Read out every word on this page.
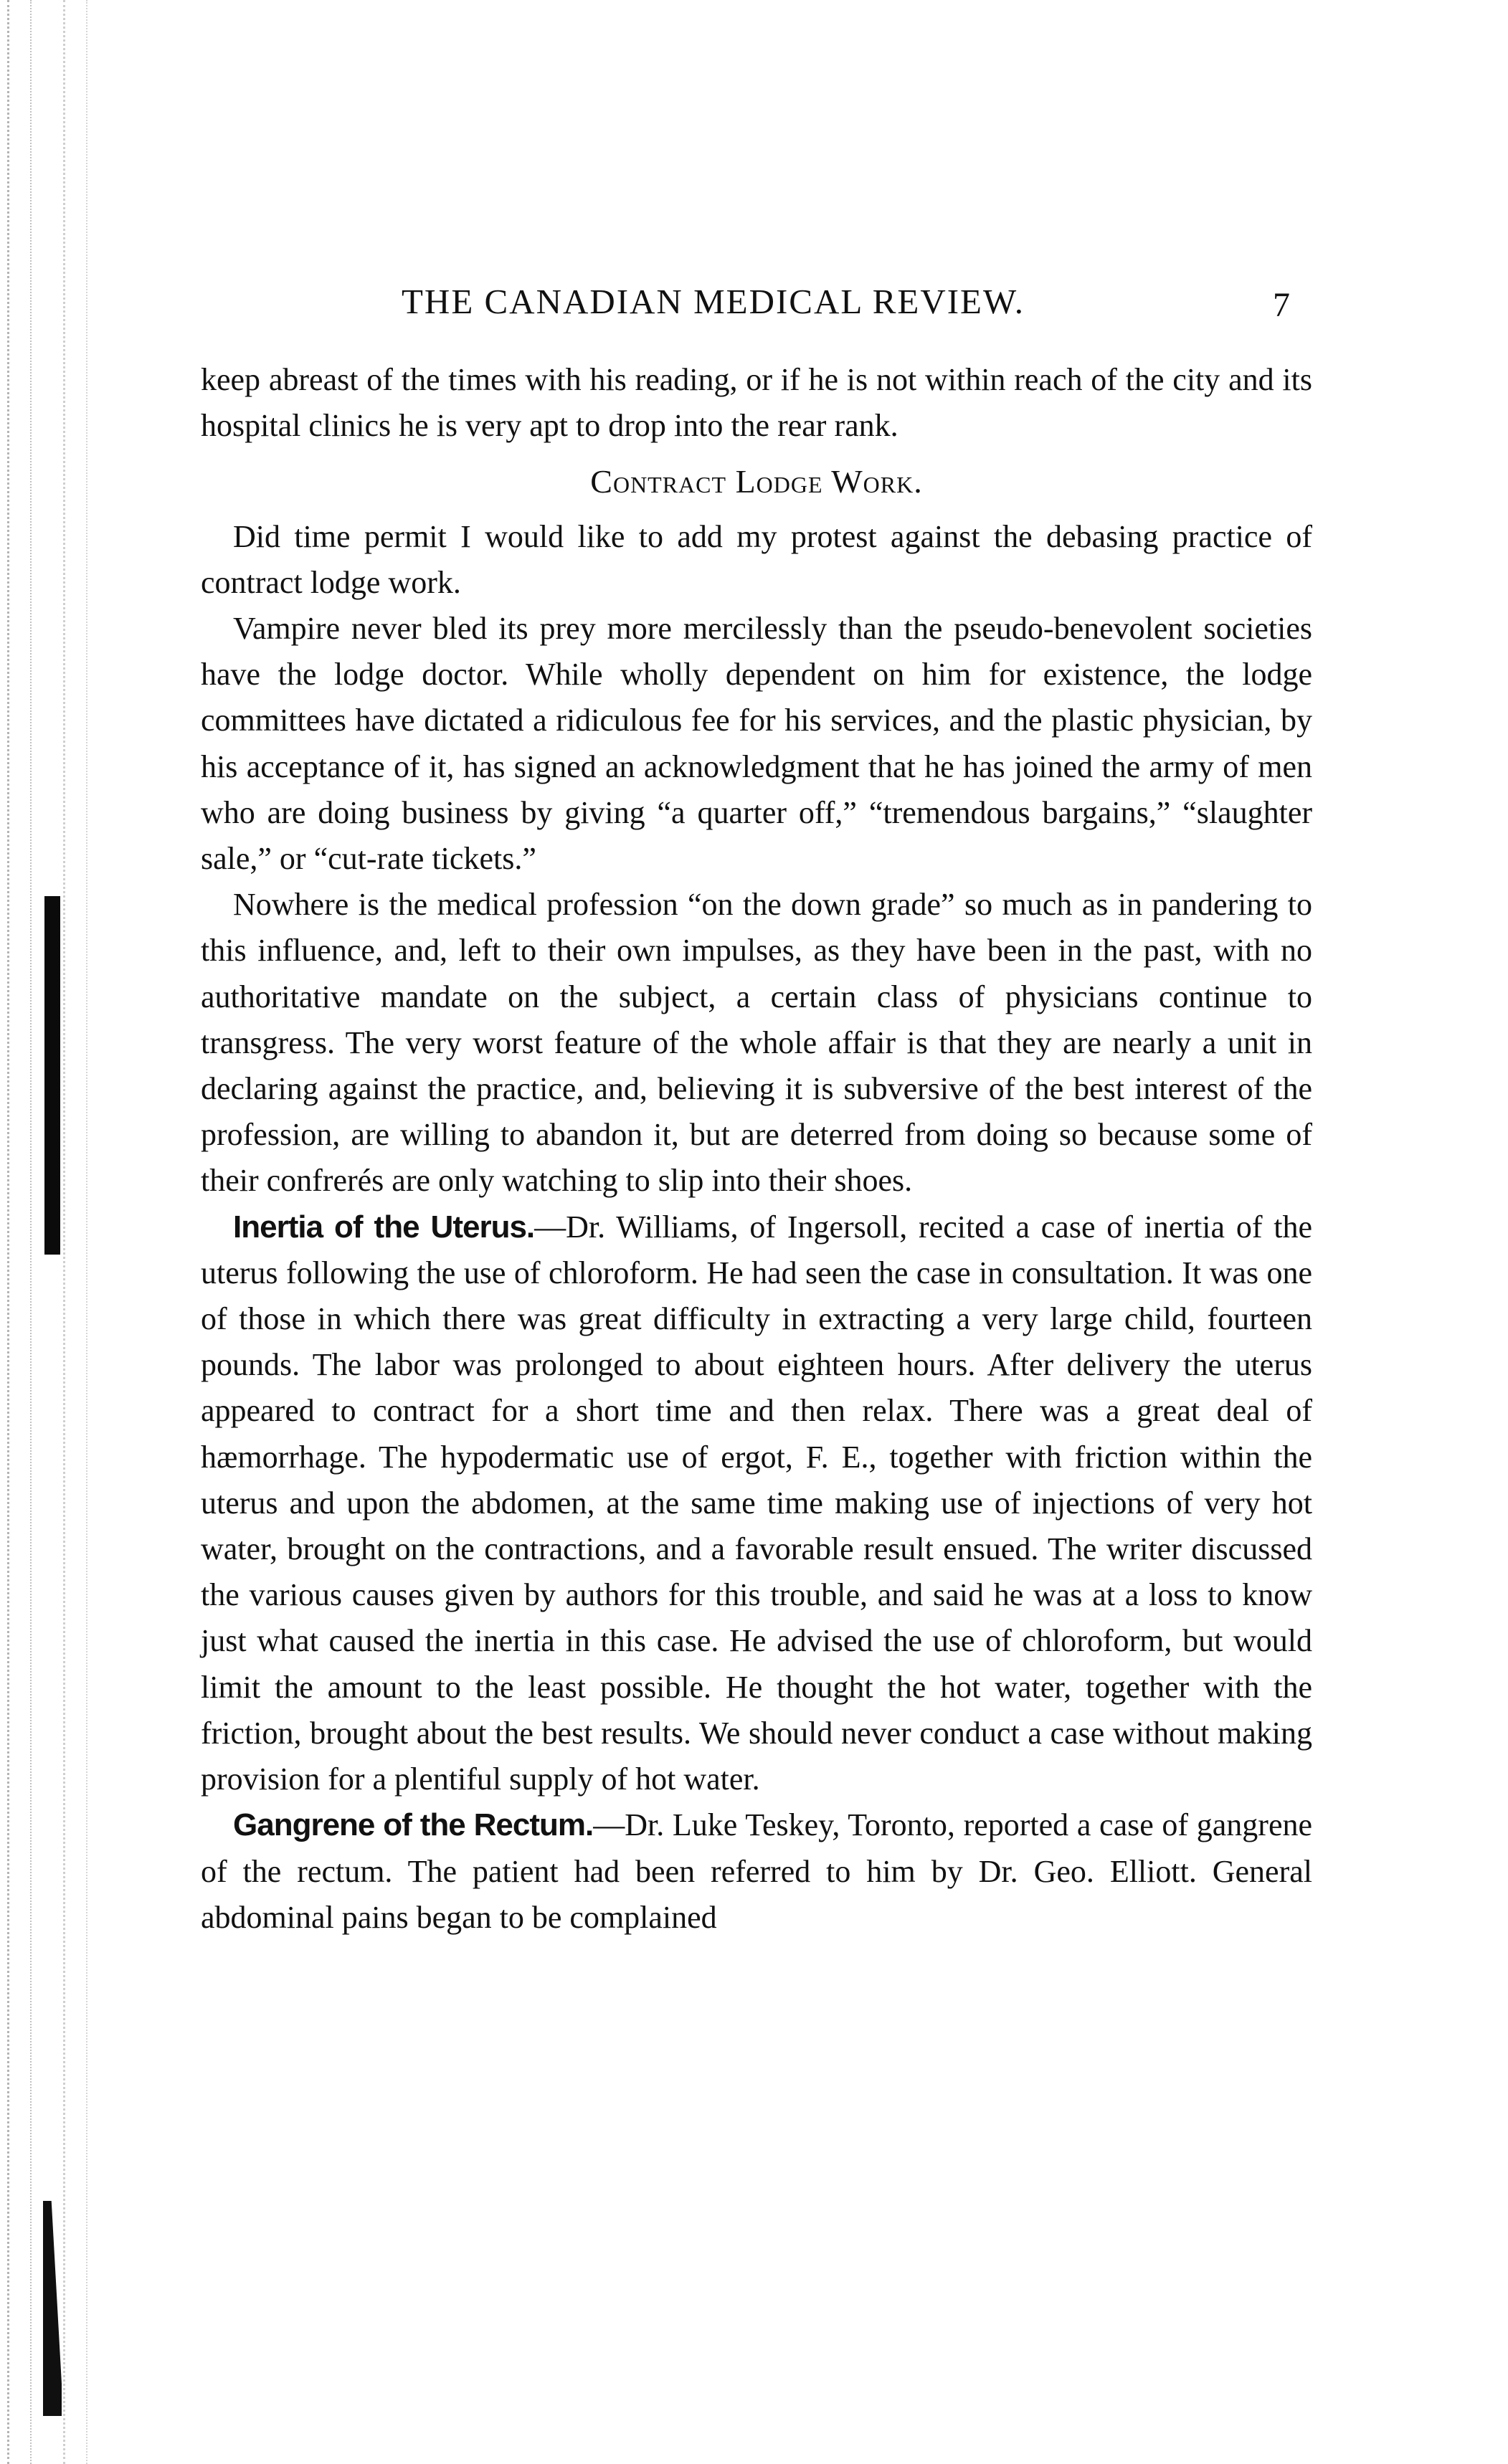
THE CANADIAN MEDICAL REVIEW.	7

keep abreast of the times with his reading, or if he is not within reach of the city and its hospital clinics he is very apt to drop into the rear rank.

Contract Lodge Work.

Did time permit I would like to add my protest against the debasing practice of contract lodge work.

Vampire never bled its prey more mercilessly than the pseudo-benevolent societies have the lodge doctor. While wholly dependent on him for existence, the lodge committees have dictated a ridiculous fee for his services, and the plastic physician, by his acceptance of it, has signed an acknowledgment that he has joined the army of men who are doing business by giving “a quarter off,” “tremendous bargains,” “slaughter sale,” or “cut-rate tickets.”

Nowhere is the medical profession “on the down grade” so much as in pandering to this influence, and, left to their own impulses, as they have been in the past, with no authoritative mandate on the subject, a certain class of physicians continue to transgress. The very worst feature of the whole affair is that they are nearly a unit in declaring against the practice, and, believing it is subversive of the best interest of the profession, are willing to abandon it, but are deterred from doing so because some of their confrerés are only watching to slip into their shoes.

Inertia of the Uterus.—Dr. Williams, of Ingersoll, recited a case of inertia of the uterus following the use of chloroform. He had seen the case in consultation. It was one of those in which there was great difficulty in extracting a very large child, fourteen pounds. The labor was prolonged to about eighteen hours. After delivery the uterus appeared to contract for a short time and then relax. There was a great deal of hæmorrhage. The hypodermatic use of ergot, F. E., together with friction within the uterus and upon the abdomen, at the same time making use of injections of very hot water, brought on the contractions, and a favorable result ensued. The writer discussed the various causes given by authors for this trouble, and said he was at a loss to know just what caused the inertia in this case. He advised the use of chloroform, but would limit the amount to the least possible. He thought the hot water, together with the friction, brought about the best results. We should never conduct a case without making provision for a plentiful supply of hot water.

Gangrene of the Rectum.—Dr. Luke Teskey, Toronto, reported a case of gangrene of the rectum. The patient had been referred to him by Dr. Geo. Elliott. General abdominal pains began to be complained
